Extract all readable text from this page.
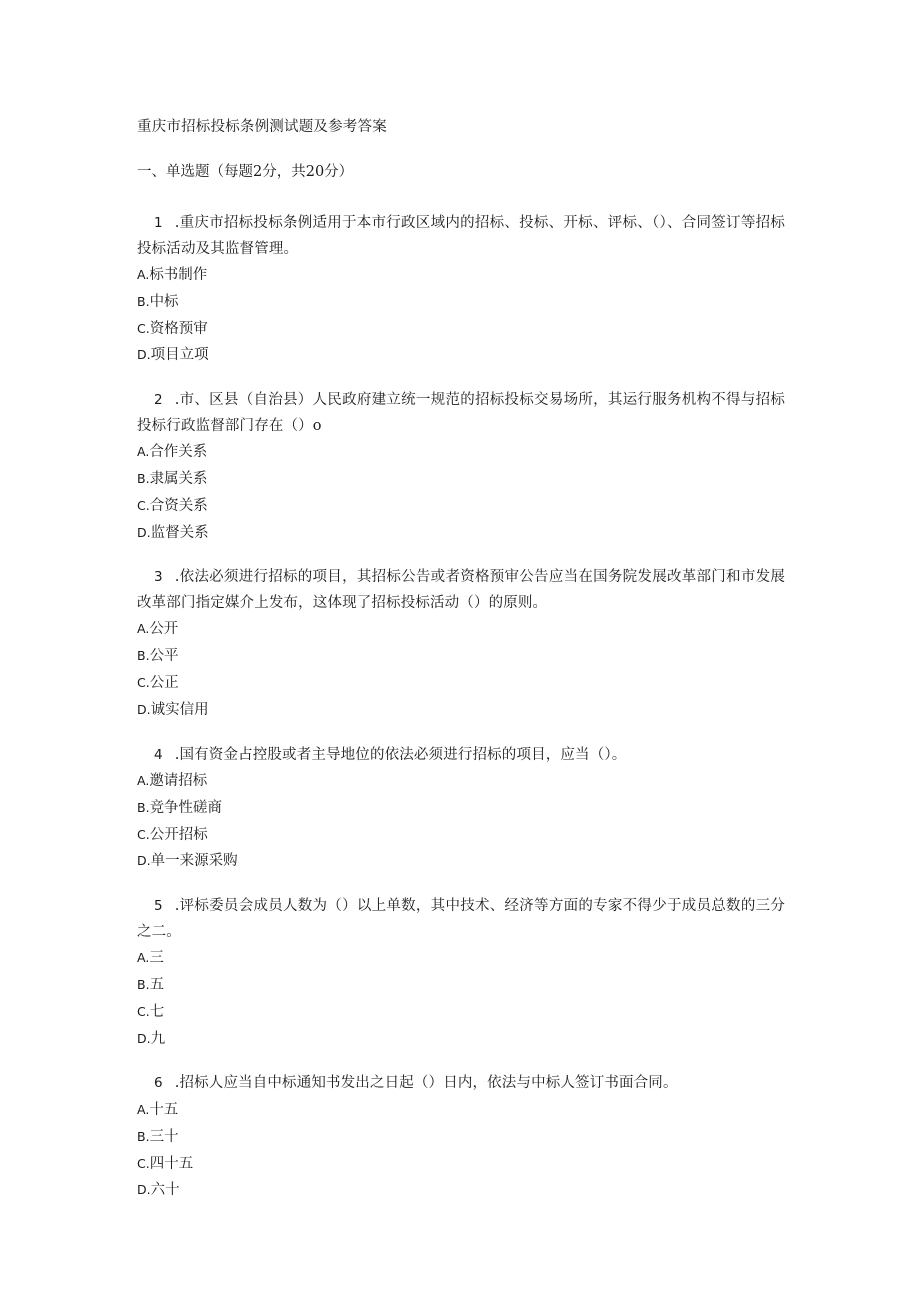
重庆市招标投标条例测试题及参考答案
一、单选题（每题2分，共20分）
1 .重庆市招标投标条例适用于本市行政区域内的招标、投标、开标、评标、（）、合同签订等招标投标活动及其监督管理。
A.标书制作
B.中标
C.资格预审
D.项目立项
2 .市、区县（自治县）人民政府建立统一规范的招标投标交易场所，其运行服务机构不得与招标投标行政监督部门存在（）o
A.合作关系
B.隶属关系
C.合资关系
D.监督关系
3 .依法必须进行招标的项目，其招标公告或者资格预审公告应当在国务院发展改革部门和市发展改革部门指定媒介上发布，这体现了招标投标活动（）的原则。
A.公开
B.公平
C.公正
D.诚实信用
4 .国有资金占控股或者主导地位的依法必须进行招标的项目，应当（）。
A.邀请招标
B.竞争性磋商
C.公开招标
D.单一来源采购
5 .评标委员会成员人数为（）以上单数，其中技术、经济等方面的专家不得少于成员总数的三分之二。
A.三
B.五
C.七
D.九
6 .招标人应当自中标通知书发出之日起（）日内，依法与中标人签订书面合同。
A.十五
B.三十
C.四十五
D.六十
